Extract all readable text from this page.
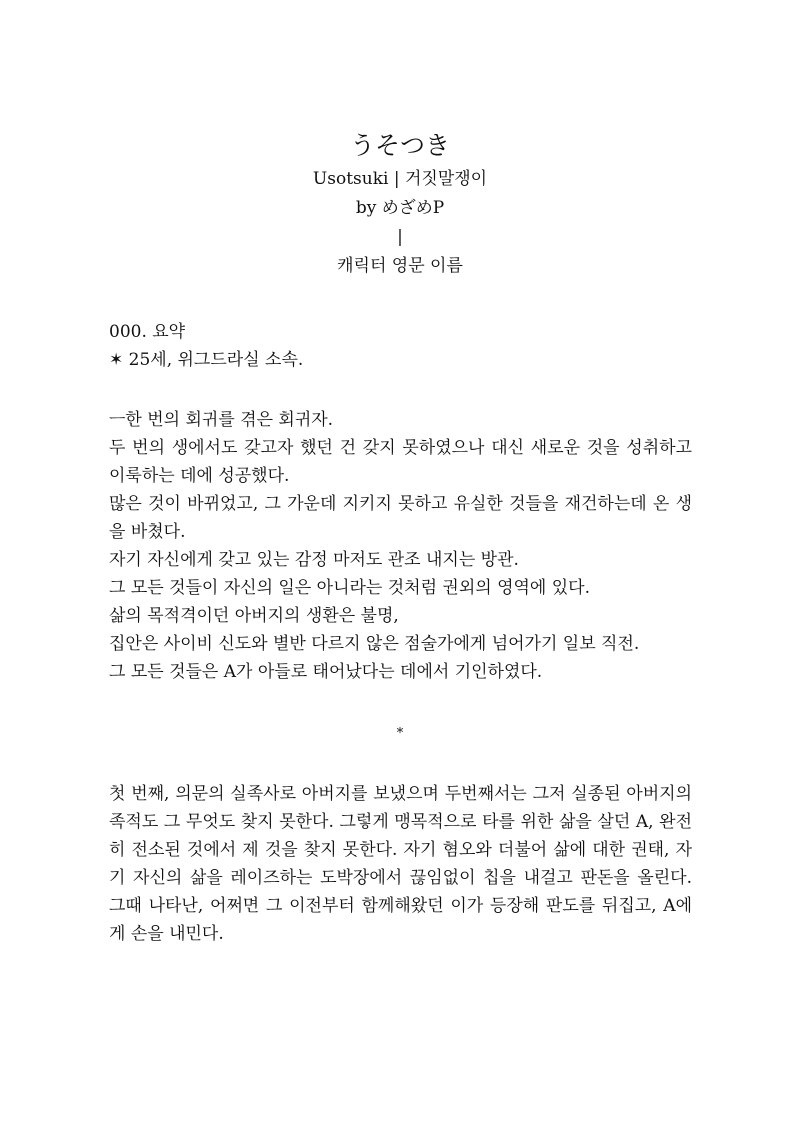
うそつき
Usotsuki | 거짓말쟁이
by めざめP
|
캐릭터 영문 이름

000. 요약

✶ 25세, 위그드라실 소속.

ㅡ한 번의 회귀를 겪은 회귀자.

두 번의 생에서도 갖고자 했던 건 갖지 못하였으나 대신 새로운 것을 성취하고 이룩하는 데에 성공했다.

많은 것이 바뀌었고, 그 가운데 지키지 못하고 유실한 것들을 재건하는데 온 생을 바쳤다.

자기 자신에게 갖고 있는 감정 마저도 관조 내지는 방관.

그 모든 것들이 자신의 일은 아니라는 것처럼 권외의 영역에 있다.

삶의 목적격이던 아버지의 생환은 불명,

집안은 사이비 신도와 별반 다르지 않은 점술가에게 넘어가기 일보 직전.

그 모든 것들은 A가 아들로 태어났다는 데에서 기인하였다.

*

첫 번째, 의문의 실족사로 아버지를 보냈으며 두번째서는 그저 실종된 아버지의 족적도 그 무엇도 찾지 못한다. 그렇게 맹목적으로 타를 위한 삶을 살던 A, 완전히 전소된 것에서 제 것을 찾지 못한다. 자기 혐오와 더불어 삶에 대한 권태, 자기 자신의 삶을 레이즈하는 도박장에서 끊임없이 칩을 내걸고 판돈을 올린다. 그때 나타난, 어쩌면 그 이전부터 함께해왔던 이가 등장해 판도를 뒤집고, A에게 손을 내민다.
